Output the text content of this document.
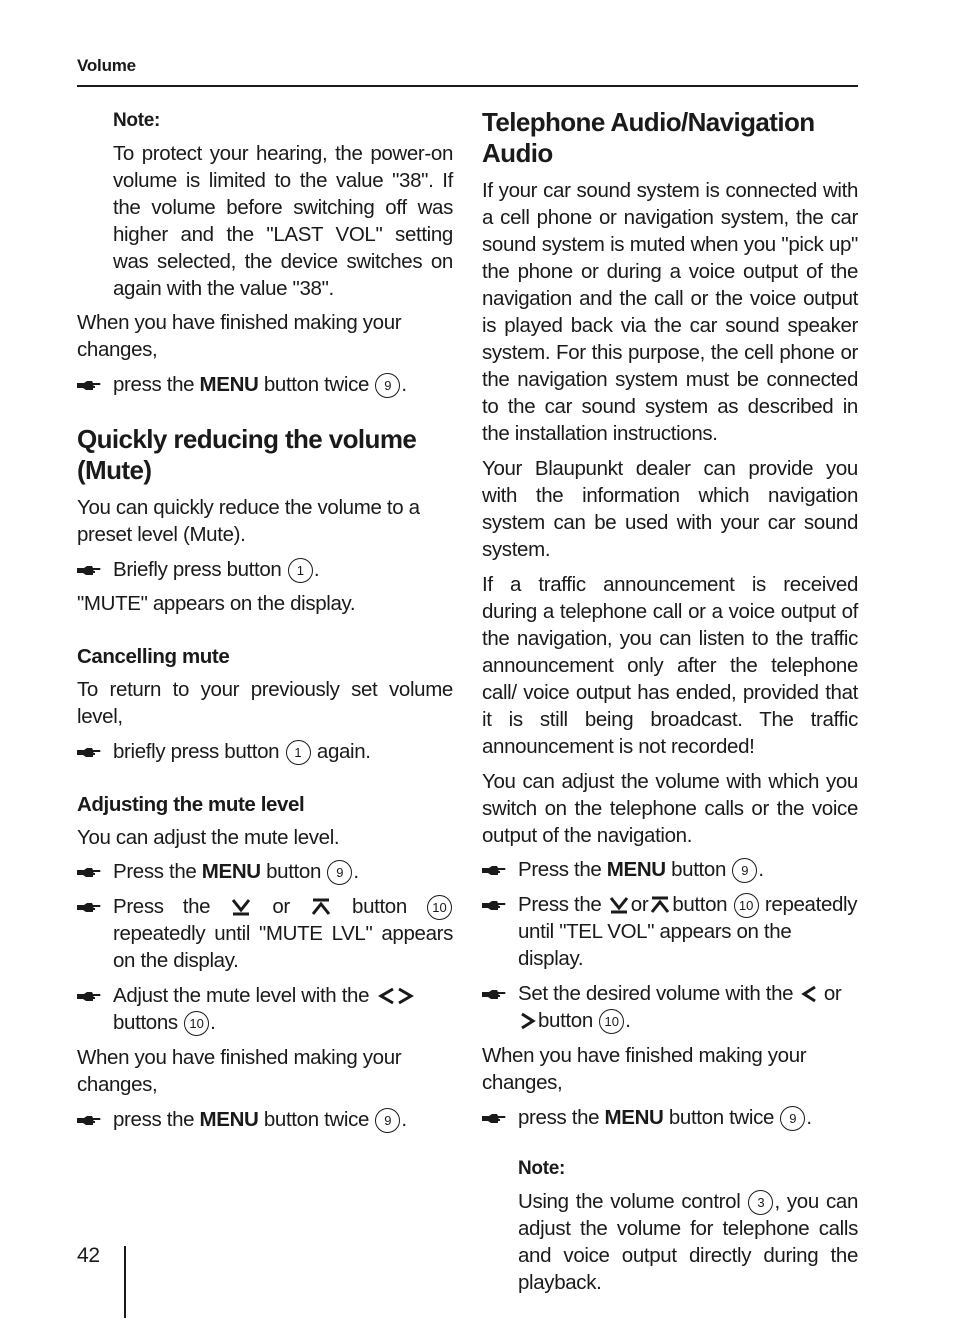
Volume
Note:

To protect your hearing, the power-on volume is limited to the value "38". If the volume before switching off was higher and the "LAST VOL" setting was selected, the device switches on again with the value "38".

When you have finished making your changes,

press the MENU button twice 9 .

Quickly reducing the volume (Mute)

You can quickly reduce the volume to a preset level (Mute).

Briefly press button 1 .

"MUTE" appears on the display.

Cancelling mute

To return to your previously set volume level,

briefly press button 1 again.

Adjusting the mute level

You can adjust the mute level.

Press the MENU button 9 .

Press the  or  button 10 repeatedly until "MUTE LVL" appears on the display.

Adjust the mute level with the  buttons 10 .

When you have finished making your changes,

press the MENU button twice 9 .

Telephone Audio/Navigation Audio

If your car sound system is connected with a cell phone or navigation system, the car sound system is muted when you "pick up" the phone or during a voice output of the navigation and the call or the voice output is played back via the car sound speaker system. For this purpose, the cell phone or the navigation system must be connected to the car sound system as described in the installation instructions.

Your Blaupunkt dealer can provide you with the information which navigation system can be used with your car sound system.

If a traffic announcement is received during a telephone call or a voice output of the navigation, you can listen to the traffic announcement only after the telephone call/ voice output has ended, provided that it is still being broadcast. The traffic announcement is not recorded!

You can adjust the volume with which you switch on the telephone calls or the voice output of the navigation.

Press the MENU button 9 .

Press the or button 10 repeatedly until "TEL VOL" appears on the display.

Set the desired volume with the  or button 10 .

When you have finished making your changes,

press the MENU button twice 9 .

Note:

Using the volume control 3 , you can adjust the volume for telephone calls and voice output directly during the playback.

42
